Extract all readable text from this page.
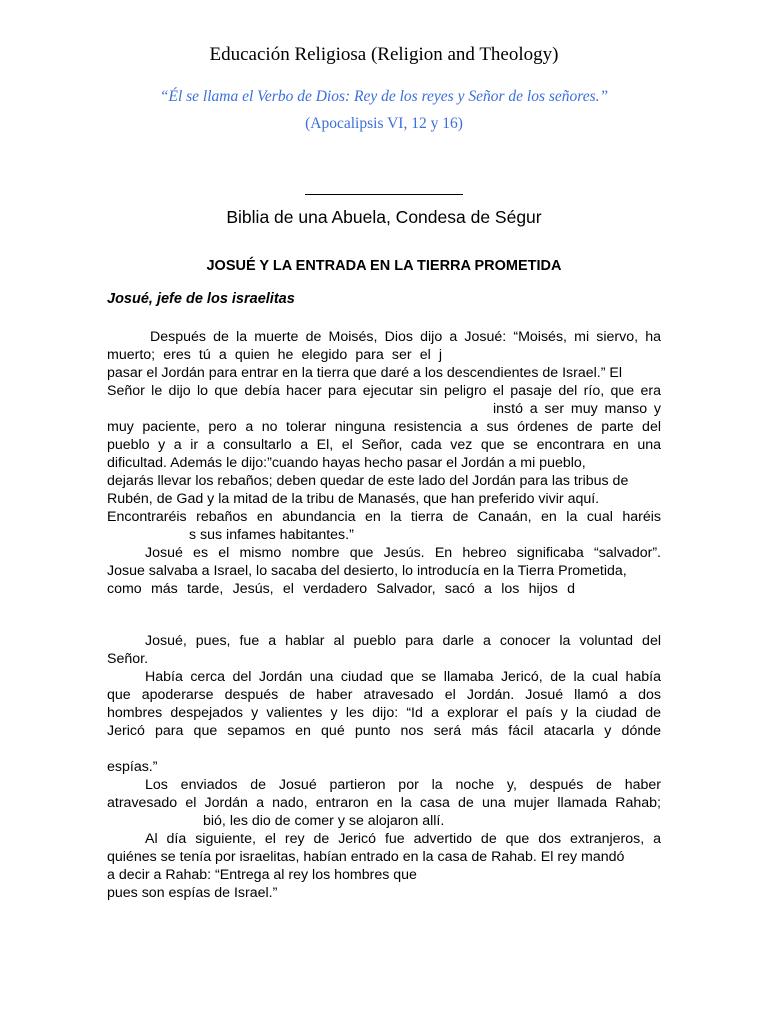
Educación Religiosa (Religion and Theology)
“Él se llama el Verbo de Dios: Rey de los reyes y Señor de los señores.”
(Apocalipsis VI, 12 y 16)
Biblia de una Abuela, Condesa de Ségur
JOSUÉ Y LA ENTRADA EN LA TIERRA PROMETIDA
Josué, jefe de los israelitas
Después de la muerte de Moisés, Dios dijo a Josué: “Moisés, mi siervo, ha
muerto; eres tú a quien he elegido para ser el j
pasar el Jordán para entrar en la tierra que daré a los descendientes de Israel.” El
Señor le dijo lo que debía hacer para ejecutar sin peligro el pasaje del río, que era
instó a ser muy manso y
muy paciente, pero a no tolerar ninguna resistencia a sus órdenes de parte del
pueblo y a ir a consultarlo a El, el Señor, cada vez que se encontrara en una
dificultad. Además le dijo:”cuando hayas hecho pasar el Jordán a mi pueblo,
dejarás llevar los rebaños; deben quedar de este lado del Jordán para las tribus de
Rubén, de Gad y la mitad de la tribu de Manasés, que han preferido vivir aquí.
Encontraréis rebaños en abundancia en la tierra de Canaán, en la cual haréis
s sus infames habitantes.”
Josué es el mismo nombre que Jesús. En hebreo significaba “salvador”.
Josue salvaba a Israel, lo sacaba del desierto, lo introducía en la Tierra Prometida,
como más tarde, Jesús, el verdadero Salvador, sacó a los hijos d
Josué, pues, fue a hablar al pueblo para darle a conocer la voluntad del
Señor.
Había cerca del Jordán una ciudad que se llamaba Jericó, de la cual había
que apoderarse después de haber atravesado el Jordán. Josué llamó a dos
hombres despejados y valientes y les dijo: “Id a explorar el país y la ciudad de
Jericó para que sepamos en qué punto nos será más fácil atacarla y dónde
espías.”
Los enviados de Josué partieron por la noche y, después de haber
atravesado el Jordán a nado, entraron en la casa de una mujer llamada Rahab;
bió, les dio de comer y se alojaron allí.
Al día siguiente, el rey de Jericó fue advertido de que dos extranjeros, a
quiénes se tenía por israelitas, habían entrado en la casa de Rahab. El rey mandó
a decir a Rahab: “Entrega al rey los hombres que
pues son espías de Israel.”
